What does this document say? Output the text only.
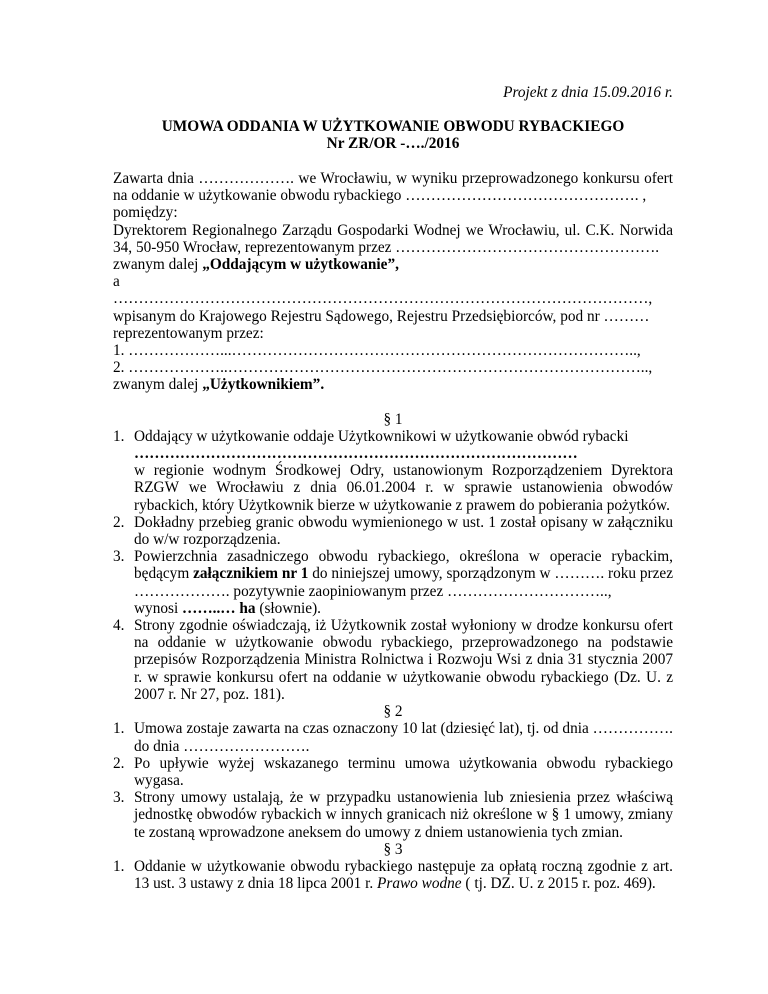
Projekt z dnia 15.09.2016 r.
UMOWA ODDANIA W UŻYTKOWANIE OBWODU RYBACKIEGO
Nr ZR/OR -…./2016
Zawarta dnia ………………. we Wrocławiu, w wyniku przeprowadzonego konkursu ofert na oddanie w użytkowanie obwodu rybackiego ………………………………………. ,
pomiędzy:
Dyrektorem Regionalnego Zarządu Gospodarki Wodnej we Wrocławiu, ul. C.K. Norwida 34, 50-950 Wrocław, reprezentowanym przez …………………………………………….
zwanym dalej „Oddającym w użytkowanie”,
a
……………………………………………………………………………………………,
wpisanym do Krajowego Rejestru Sądowego, Rejestru Przedsiębiorców, pod nr ………
reprezentowanym przez:
1. ………………...……………………………………………………………………..,
2. ………………..………………………………………………………………………..,
zwanym dalej „Użytkownikiem”.
§ 1
1. Oddający w użytkowanie oddaje Użytkownikowi w użytkowanie obwód rybacki
……………………………………………………………………………
w regionie wodnym Środkowej Odry, ustanowionym Rozporządzeniem Dyrektora RZGW we Wrocławiu z dnia 06.01.2004 r. w sprawie ustanowienia obwodów rybackich, który Użytkownik bierze w użytkowanie z prawem do pobierania pożytków.
2. Dokładny przebieg granic obwodu wymienionego w ust. 1 został opisany w załączniku do w/w rozporządzenia.
3. Powierzchnia zasadniczego obwodu rybackiego, określona w operacie rybackim, będącym załącznikiem nr 1 do niniejszej umowy, sporządzonym w ………. roku przez ………………. pozytywnie zaopiniowanym przez …………………………..,
wynosi ……..… ha (słownie).
4. Strony zgodnie oświadczają, iż Użytkownik został wyłoniony w drodze konkursu ofert na oddanie w użytkowanie obwodu rybackiego, przeprowadzonego na podstawie przepisów Rozporządzenia Ministra Rolnictwa i Rozwoju Wsi z dnia 31 stycznia 2007 r. w sprawie konkursu ofert na oddanie w użytkowanie obwodu rybackiego (Dz. U. z 2007 r. Nr 27, poz. 181).
§ 2
1. Umowa zostaje zawarta na czas oznaczony 10 lat (dziesięć lat), tj. od dnia ……………. do dnia …………………….
2. Po upływie wyżej wskazanego terminu umowa użytkowania obwodu rybackiego wygasa.
3. Strony umowy ustalają, że w przypadku ustanowienia lub zniesienia przez właściwą jednostkę obwodów rybackich w innych granicach niż określone w § 1 umowy, zmiany te zostaną wprowadzone aneksem do umowy z dniem ustanowienia tych zmian.
§ 3
1. Oddanie w użytkowanie obwodu rybackiego następuje za opłatą roczną zgodnie z art. 13 ust. 3 ustawy z dnia 18 lipca 2001 r. Prawo wodne ( tj. DZ. U. z 2015 r. poz. 469).
